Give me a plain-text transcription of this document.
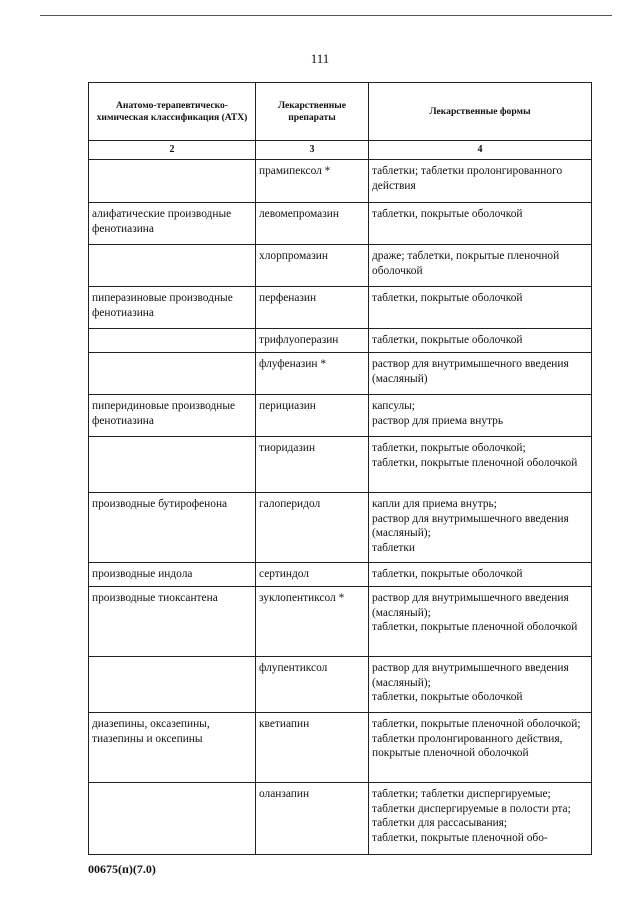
111
Анатомо-терапевтическо-химическая классификация (АТХ)	Лекарственные препараты	Лекарственные формы
2	3	4
	прамипексол *	таблетки; таблетки пролонгированного действия
алифатические производные фенотиазина	левомепромазин	таблетки, покрытые оболочкой
	хлорпромазин	драже; таблетки, покрытые пленочной оболочкой
пиперазиновые производные фенотиазина	перфеназин	таблетки, покрытые оболочкой
	трифлуоперазин	таблетки, покрытые оболочкой
	флуфеназин *	раствор для внутримышечного введения (масляный)
пиперидиновые производные фенотиазина	перициазин	капсулы;
раствор для приема внутрь
	тиоридазин	таблетки, покрытые оболочкой;
таблетки, покрытые пленочной оболочкой
производные бутирофенона	галоперидол	капли для приема внутрь;
раствор для внутримышечного введения (масляный);
таблетки
производные индола	сертиндол	таблетки, покрытые оболочкой
производные тиоксантена	зуклопентиксол *	раствор для внутримышечного введения (масляный);
таблетки, покрытые пленочной оболочкой
	флупентиксол	раствор для внутримышечного введения (масляный);
таблетки, покрытые оболочкой
диазепины, оксазепины, тиазепины и оксепины	кветиапин	таблетки, покрытые пленочной оболочкой;
таблетки пролонгированного действия, покрытые пленочной оболочкой
	оланзапин	таблетки; таблетки диспергируемые;
таблетки диспергируемые в полости рта; таблетки для рассасывания;
таблетки, покрытые пленочной обо-
00675(п)(7.0)
